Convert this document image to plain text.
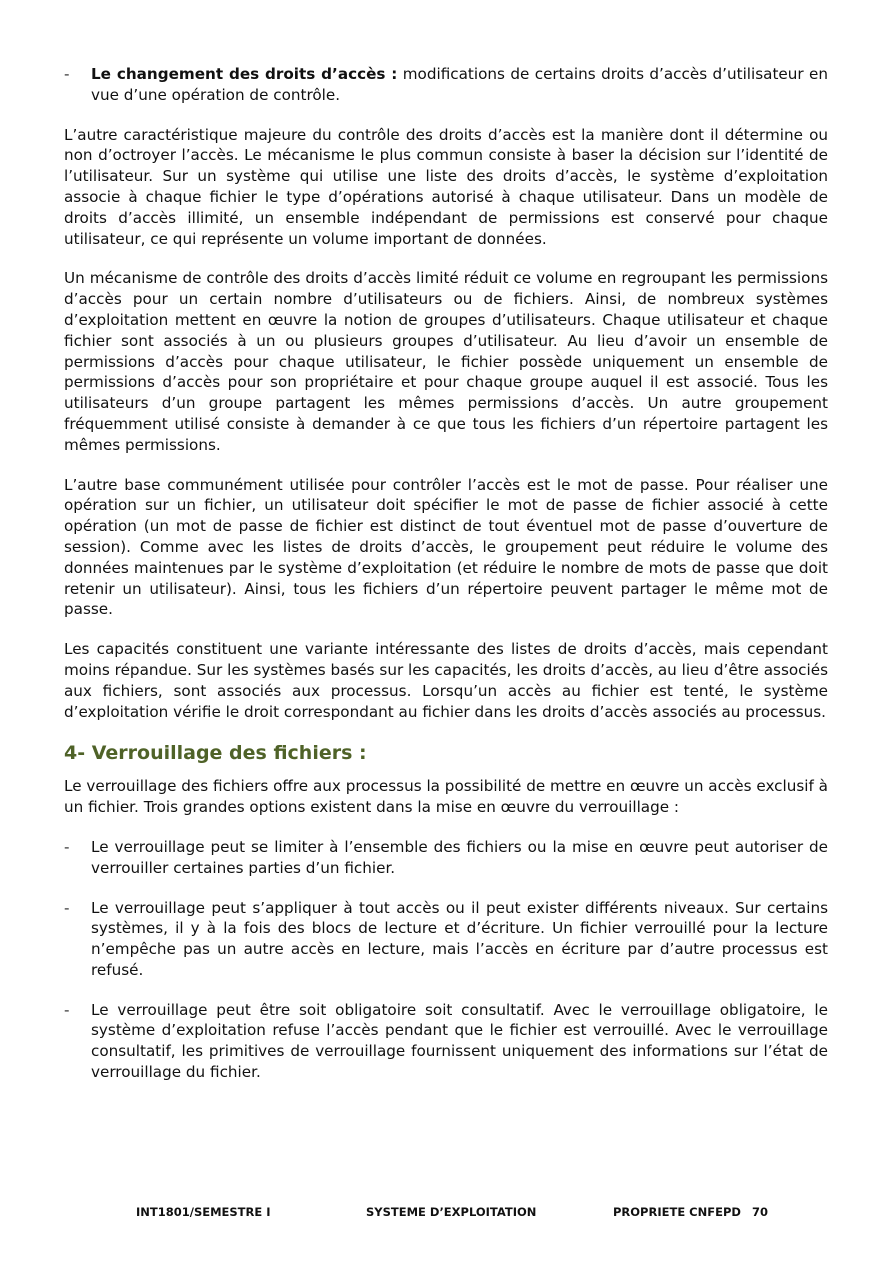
- Le changement des droits d’accès : modifications de certains droits d’accès d’utilisateur en vue d’une opération de contrôle.

L’autre caractéristique majeure du contrôle des droits d’accès est la manière dont il détermine ou non d’octroyer l’accès. Le mécanisme le plus commun consiste à baser la décision sur l’identité de l’utilisateur. Sur un système qui utilise une liste des droits d’accès, le système d’exploitation associe à chaque fichier le type d’opérations autorisé à chaque utilisateur. Dans un modèle de droits d’accès illimité, un ensemble indépendant de permissions est conservé pour chaque utilisateur, ce qui représente un volume important de données.

Un mécanisme de contrôle des droits d’accès limité réduit ce volume en regroupant les permissions d’accès pour un certain nombre d’utilisateurs ou de fichiers. Ainsi, de nombreux systèmes d’exploitation mettent en œuvre la notion de groupes d’utilisateurs. Chaque utilisateur et chaque fichier sont associés à un ou plusieurs groupes d’utilisateur. Au lieu d’avoir un ensemble de permissions d’accès pour chaque utilisateur, le fichier possède uniquement un ensemble de permissions d’accès pour son propriétaire et pour chaque groupe auquel il est associé. Tous les utilisateurs d’un groupe partagent les mêmes permissions d’accès. Un autre groupement fréquemment utilisé consiste à demander à ce que tous les fichiers d’un répertoire partagent les mêmes permissions.

L’autre base communément utilisée pour contrôler l’accès est le mot de passe. Pour réaliser une opération sur un fichier, un utilisateur doit spécifier le mot de passe de fichier associé à cette opération (un mot de passe de fichier est distinct de tout éventuel mot de passe d’ouverture de session). Comme avec les listes de droits d’accès, le groupement peut réduire le volume des données maintenues par le système d’exploitation (et réduire le nombre de mots de passe que doit retenir un utilisateur). Ainsi, tous les fichiers d’un répertoire peuvent partager le même mot de passe.

Les capacités constituent une variante intéressante des listes de droits d’accès, mais cependant moins répandue. Sur les systèmes basés sur les capacités, les droits d’accès, au lieu d’être associés aux fichiers, sont associés aux processus. Lorsqu’un accès au fichier est tenté, le système d’exploitation vérifie le droit correspondant au fichier dans les droits d’accès associés au processus.

4- Verrouillage des fichiers :

Le verrouillage des fichiers offre aux processus la possibilité de mettre en œuvre un accès exclusif à un fichier. Trois grandes options existent dans la mise en œuvre du verrouillage :

- Le verrouillage peut se limiter à l’ensemble des fichiers ou la mise en œuvre peut autoriser de verrouiller certaines parties d’un fichier.
- Le verrouillage peut s’appliquer à tout accès ou il peut exister différents niveaux. Sur certains systèmes, il y à la fois des blocs de lecture et d’écriture. Un fichier verrouillé pour la lecture n’empêche pas un autre accès en lecture, mais l’accès en écriture par d’autre processus est refusé.
- Le verrouillage peut être soit obligatoire soit consultatif. Avec le verrouillage obligatoire, le système d’exploitation refuse l’accès pendant que le fichier est verrouillé. Avec le verrouillage consultatif, les primitives de verrouillage fournissent uniquement des informations sur l’état de verrouillage du fichier.
INT1801/SEMESTRE I	SYSTEME D’EXPLOITATION	PROPRIETE CNFEPD 70
